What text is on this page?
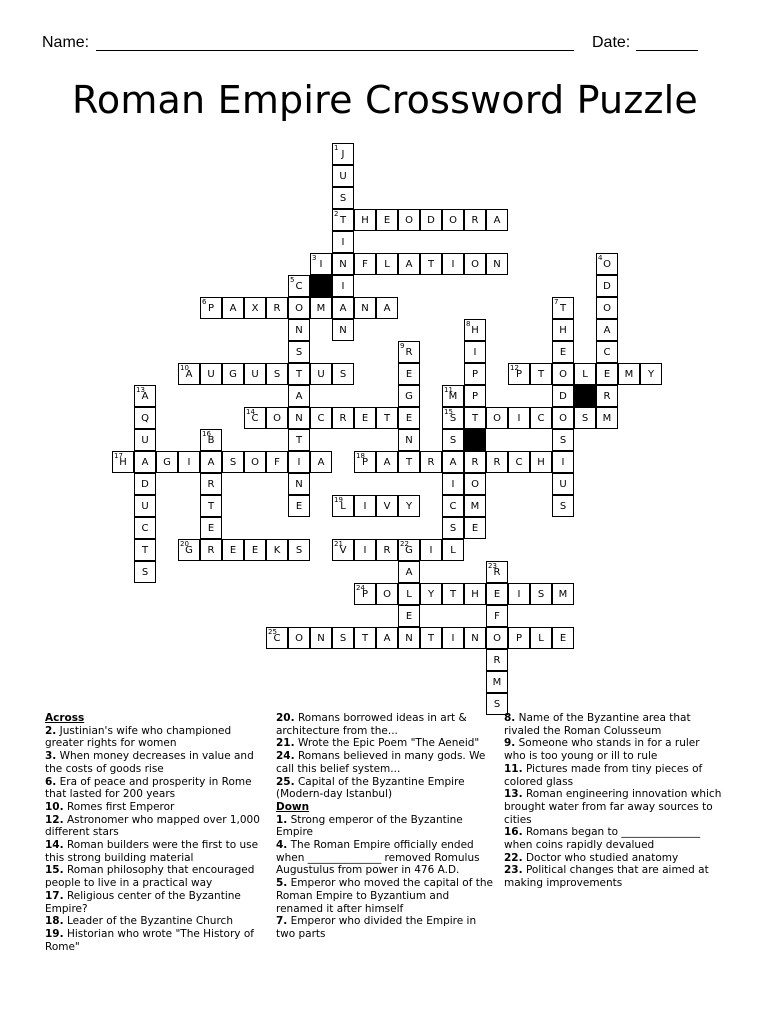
Name:	Date:
Roman Empire Crossword Puzzle
J
1
U
S
T
2
I
N
I
A
H	E	O	D	O	R	A
I
3
F	L	A	T	I	O	N
C
5
O
N
S
T
A
N
T
I
N
E
P
6
A	X	R	M	N	A
N
A
10
U	G	U	S	U	S
A
13
Q
U
A
D
U
C
T
S
C
14
O	C	R	E	T	E
H
17
G	I	A	S	O	F	A
B
16
R
T
E
R
G
20
E	E	K	S
R
9
E
G
N
T
P
18
A	R	A	R	R	C	H
L
19
I	V	Y
V
21
I	R	G
22
I	L
A
L
E
N
P
24
O	Y	T	H	E	I	S	M
R
23
F
O
R
M
S
C
25
O	N	S	T	A	T	I	N	P	L	E
M
11
S
15
S
I
C
S
H
8
I
P
P
T
D
O
M
E
P
12
T	O	L	E	M	Y
O	I	C	O	S	M
T
7
H
E
D
S
I
U
S
O
4
D
O
A
C
R
Across
2. Justinian's wife who championed greater rights for women
3. When money decreases in value and the costs of goods rise
6. Era of peace and prosperity in Rome that lasted for 200 years
10. Romes first Emperor
12. Astronomer who mapped over 1,000 different stars
14. Roman builders were the first to use this strong building material
15. Roman philosophy that encouraged people to live in a practical way
17. Religious center of the Byzantine Empire?
18. Leader of the Byzantine Church
19. Historian who wrote "The History of Rome"
20. Romans borrowed ideas in art & architecture from the...
21. Wrote the Epic Poem "The Aeneid"
24. Romans believed in many gods. We call this belief system...
25. Capital of the Byzantine Empire (Modern-day Istanbul)
Down
1. Strong emperor of the Byzantine Empire
4. The Roman Empire officially ended when ______________ removed Romulus Augustulus from power in 476 A.D.
5. Emperor who moved the capital of the Roman Empire to Byzantium and renamed it after himself
7. Emperor who divided the Empire in two parts
8. Name of the Byzantine area that rivaled the Roman Colusseum
9. Someone who stands in for a ruler who is too young or ill to rule
11. Pictures made from tiny pieces of colored glass
13. Roman engineering innovation which brought water from far away sources to cities
16. Romans began to _______________ when coins rapidly devalued
22. Doctor who studied anatomy
23. Political changes that are aimed at making improvements
